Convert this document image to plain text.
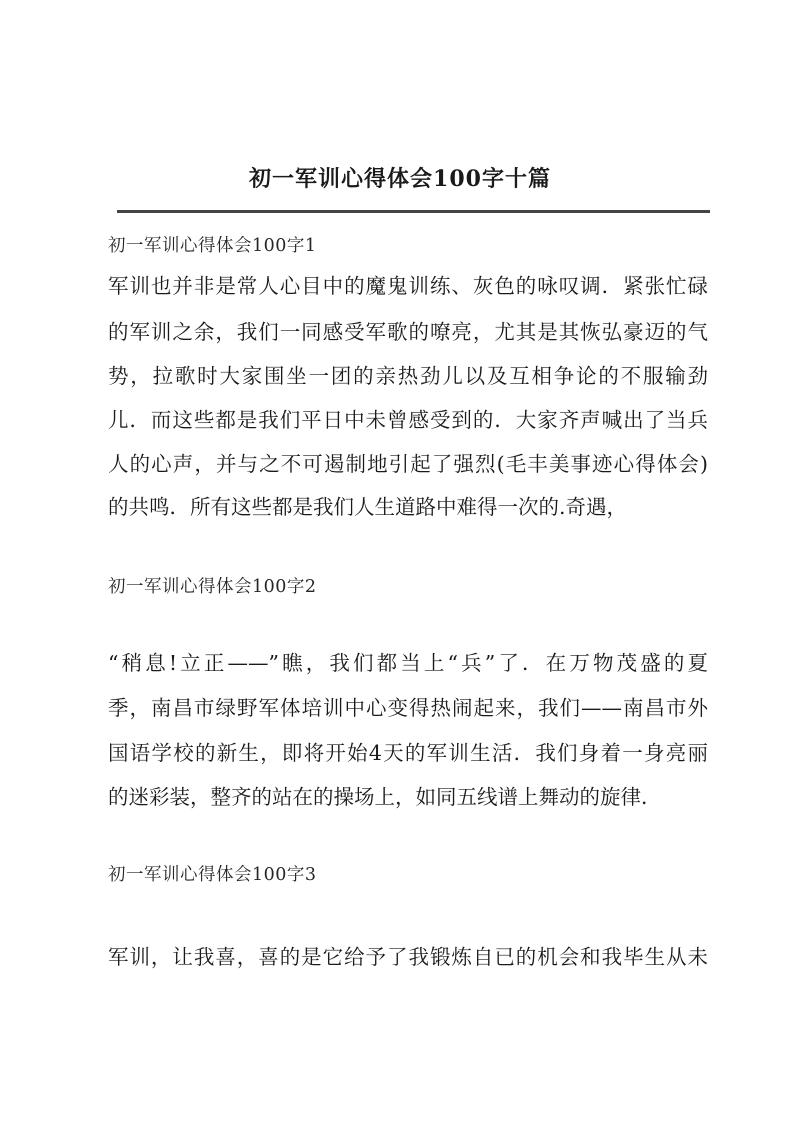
初一军训心得体会100字十篇
初一军训心得体会100字1
军训也并非是常人心目中的魔鬼训练、灰色的咏叹调．紧张忙碌
的军训之余，我们一同感受军歌的嘹亮，尤其是其恢弘豪迈的气
势，拉歌时大家围坐一团的亲热劲儿以及互相争论的不服输劲
儿．而这些都是我们平日中未曾感受到的．大家齐声喊出了当兵
人的心声，并与之不可遏制地引起了强烈(毛丰美事迹心得体会)
的共鸣．所有这些都是我们人生道路中难得一次的.奇遇，
初一军训心得体会100字2
“稍息!立正——”瞧，我们都当上“兵”了．在万物茂盛的夏
季，南昌市绿野军体培训中心变得热闹起来，我们——南昌市外
国语学校的新生，即将开始4天的军训生活．我们身着一身亮丽
的迷彩装，整齐的站在的操场上，如同五线谱上舞动的旋律．
初一军训心得体会100字3
军训，让我喜，喜的是它给予了我锻炼自已的机会和我毕生从未
